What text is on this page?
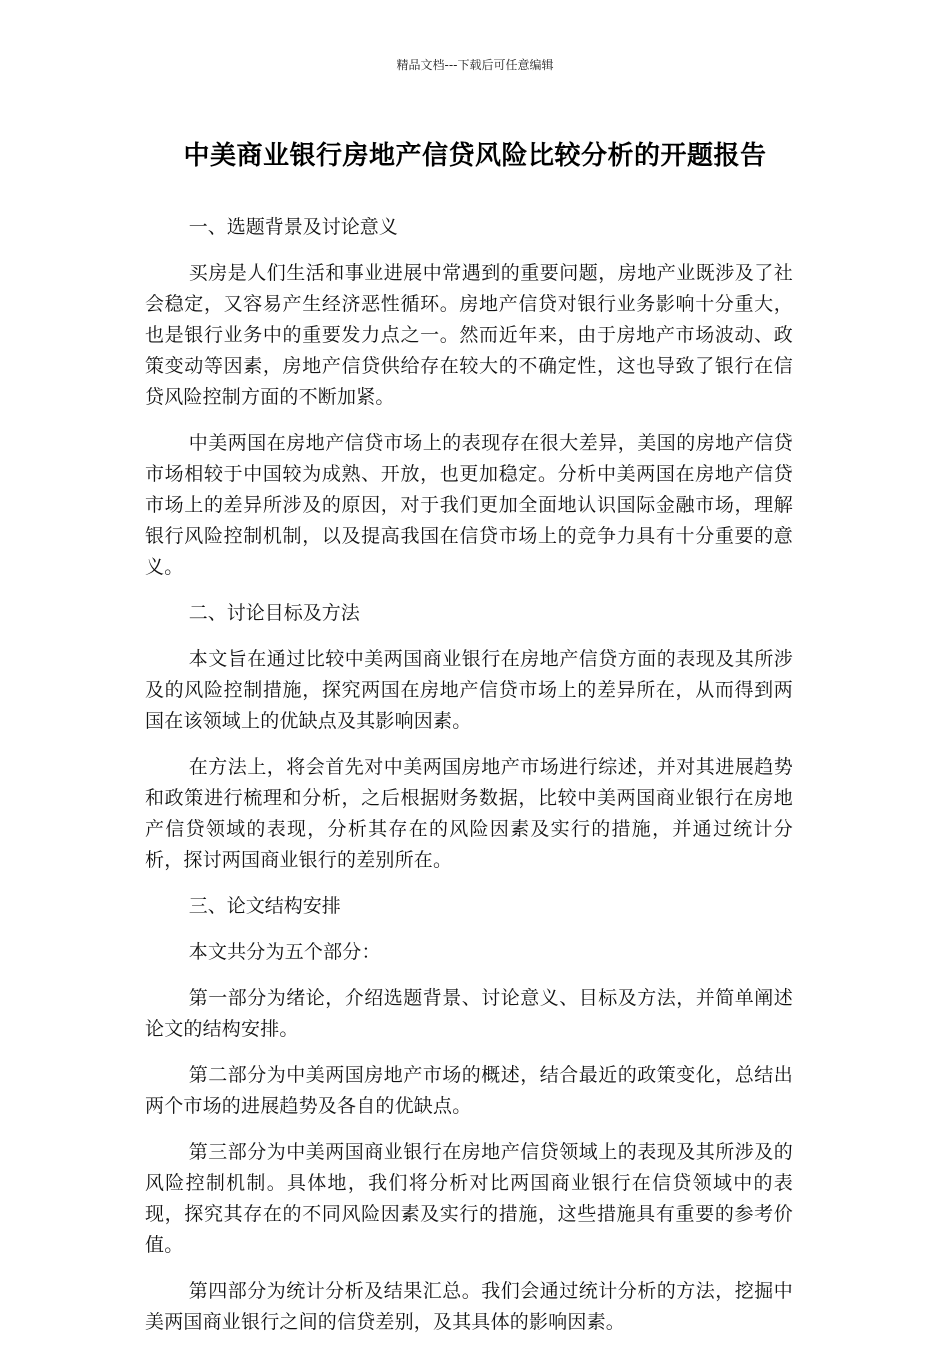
精品文档---下载后可任意编辑
中美商业银行房地产信贷风险比较分析的开题报告
一、选题背景及讨论意义

买房是人们生活和事业进展中常遇到的重要问题，房地产业既涉及了社会稳定，又容易产生经济恶性循环。房地产信贷对银行业务影响十分重大，也是银行业务中的重要发力点之一。然而近年来，由于房地产市场波动、政策变动等因素，房地产信贷供给存在较大的不确定性，这也导致了银行在信贷风险控制方面的不断加紧。

中美两国在房地产信贷市场上的表现存在很大差异，美国的房地产信贷市场相较于中国较为成熟、开放，也更加稳定。分析中美两国在房地产信贷市场上的差异所涉及的原因，对于我们更加全面地认识国际金融市场，理解银行风险控制机制，以及提高我国在信贷市场上的竞争力具有十分重要的意义。

二、讨论目标及方法

本文旨在通过比较中美两国商业银行在房地产信贷方面的表现及其所涉及的风险控制措施，探究两国在房地产信贷市场上的差异所在，从而得到两国在该领域上的优缺点及其影响因素。

在方法上，将会首先对中美两国房地产市场进行综述，并对其进展趋势和政策进行梳理和分析，之后根据财务数据，比较中美两国商业银行在房地产信贷领域的表现，分析其存在的风险因素及实行的措施，并通过统计分析，探讨两国商业银行的差别所在。

三、论文结构安排

本文共分为五个部分：

第一部分为绪论，介绍选题背景、讨论意义、目标及方法，并简单阐述论文的结构安排。

第二部分为中美两国房地产市场的概述，结合最近的政策变化，总结出两个市场的进展趋势及各自的优缺点。

第三部分为中美两国商业银行在房地产信贷领域上的表现及其所涉及的风险控制机制。具体地，我们将分析对比两国商业银行在信贷领域中的表现，探究其存在的不同风险因素及实行的措施，这些措施具有重要的参考价值。

第四部分为统计分析及结果汇总。我们会通过统计分析的方法，挖掘中美两国商业银行之间的信贷差别，及其具体的影响因素。
